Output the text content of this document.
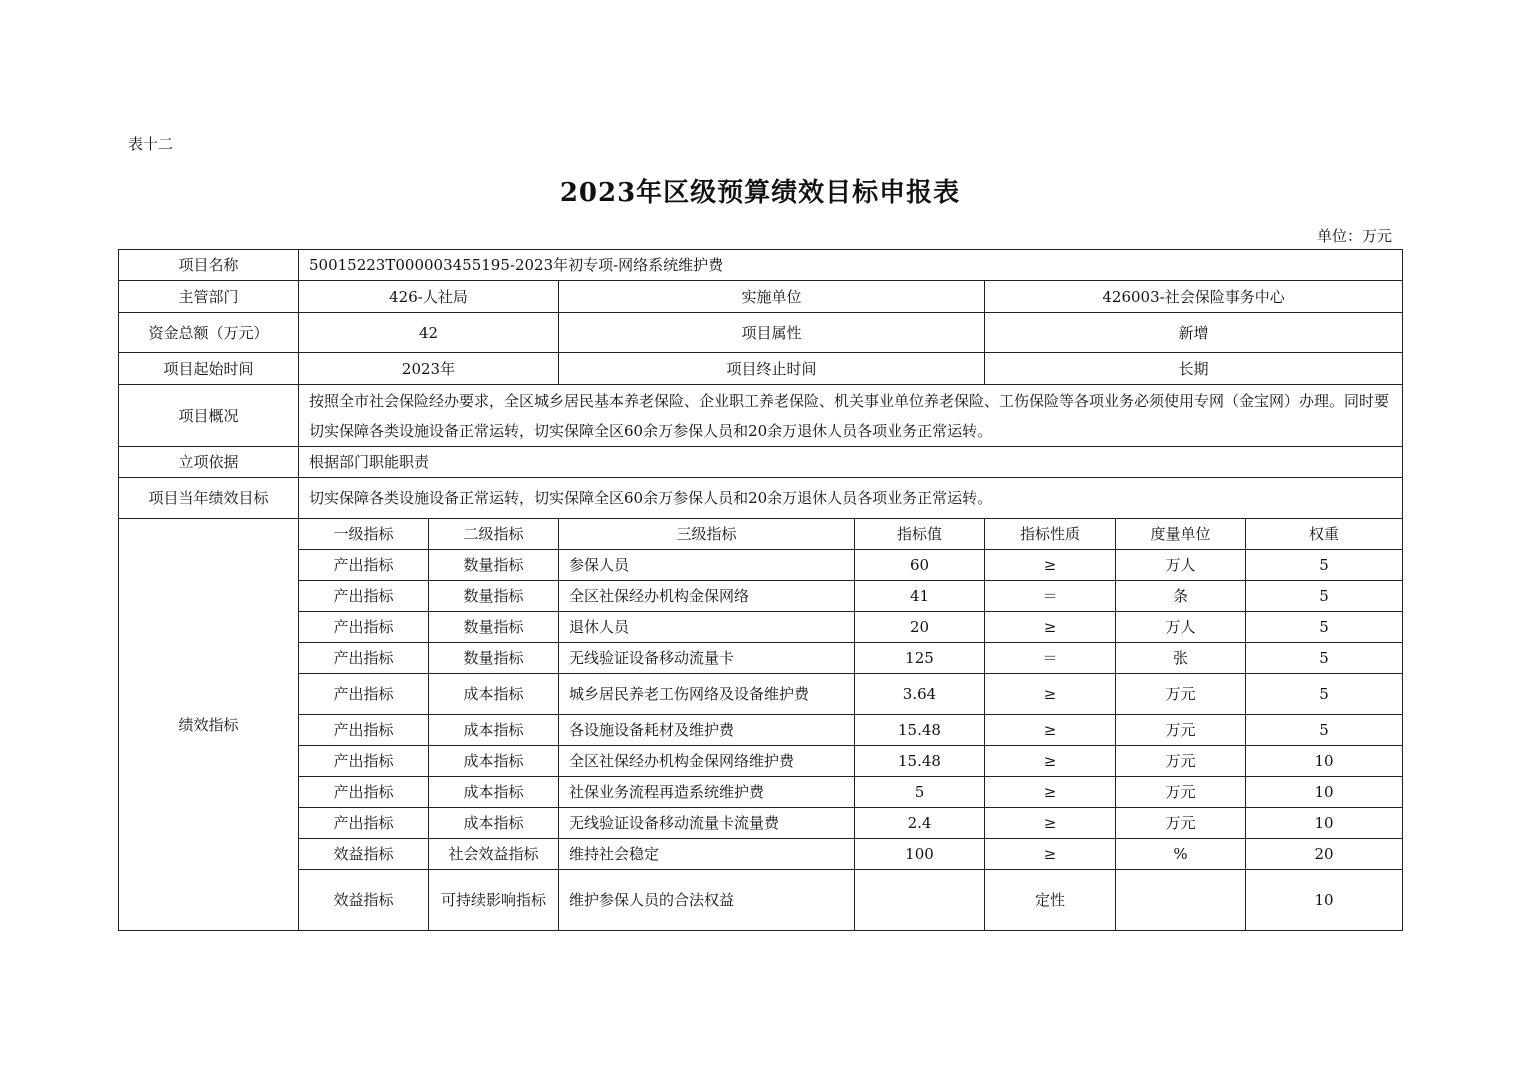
表十二
2023年区级预算绩效目标申报表
单位：万元
项目名称	50015223T000003455195-2023年初专项-网络系统维护费						
主管部门	426-人社局		实施单位		426003-社会保险事务中心		
资金总额（万元）	42		项目属性		新增		
项目起始时间	2023年		项目终止时间		长期		
项目概况	按照全市社会保险经办要求，全区城乡居民基本养老保险、企业职工养老保险、机关事业单位养老保险、工伤保险等各项业务必须使用专网（金宝网）办理。同时要切实保障各类设施设备正常运转，切实保障全区60余万参保人员和20余万退休人员各项业务正常运转。						
立项依据	根据部门职能职责						
项目当年绩效目标	切实保障各类设施设备正常运转，切实保障全区60余万参保人员和20余万退休人员各项业务正常运转。						
绩效指标	一级指标	二级指标	三级指标	指标值	指标性质	度量单位	权重
	产出指标	数量指标	参保人员	60	≥	万人	5
	产出指标	数量指标	全区社保经办机构金保网络	41	＝	条	5
	产出指标	数量指标	退休人员	20	≥	万人	5
	产出指标	数量指标	无线验证设备移动流量卡	125	＝	张	5
	产出指标	成本指标	城乡居民养老工伤网络及设备维护费	3.64	≥	万元	5
	产出指标	成本指标	各设施设备耗材及维护费	15.48	≥	万元	5
	产出指标	成本指标	全区社保经办机构金保网络维护费	15.48	≥	万元	10
	产出指标	成本指标	社保业务流程再造系统维护费	5	≥	万元	10
	产出指标	成本指标	无线验证设备移动流量卡流量费	2.4	≥	万元	10
	效益指标	社会效益指标	维持社会稳定	100	≥	%	20
	效益指标	可持续影响指标	维护参保人员的合法权益		定性		10
